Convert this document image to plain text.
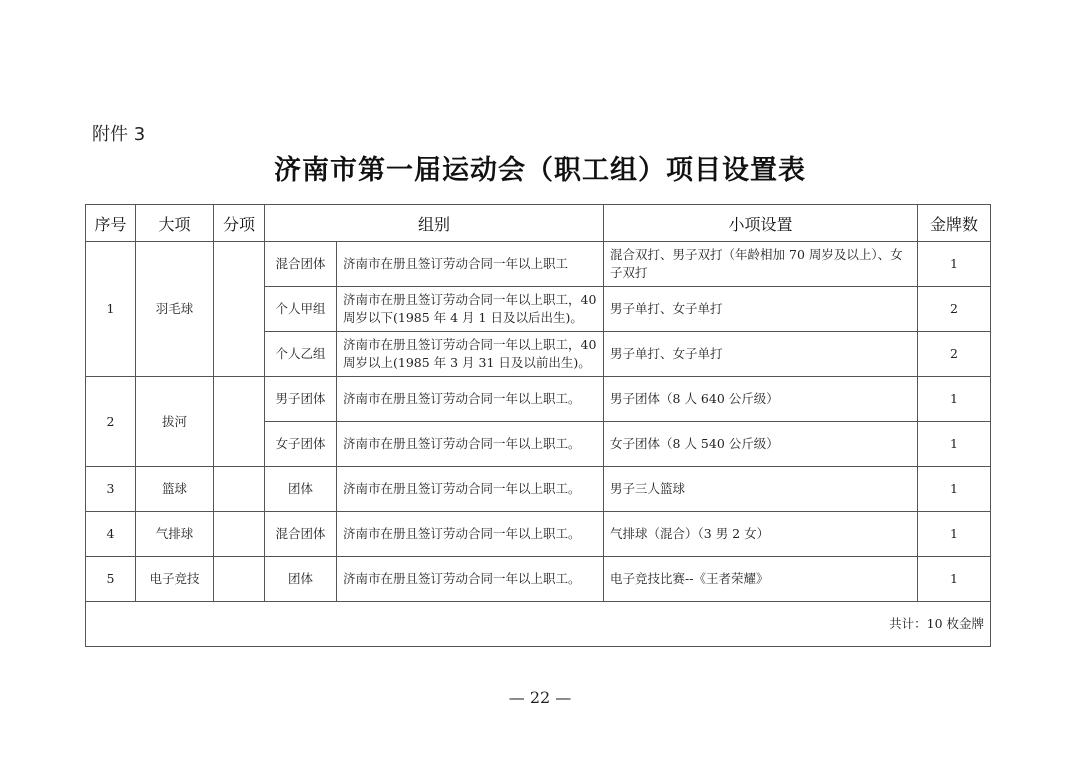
附件 3
济南市第一届运动会（职工组）项目设置表
序号	大项	分项	组别		小项设置	金牌数
1	羽毛球		混合团体	济南市在册且签订劳动合同一年以上职工	混合双打、男子双打（年龄相加 70 周岁及以上）、女子双打	1
			个人甲组	济南市在册且签订劳动合同一年以上职工，40 周岁以下(1985 年 4 月 1 日及以后出生)。	男子单打、女子单打	2
			个人乙组	济南市在册且签订劳动合同一年以上职工，40 周岁以上(1985 年 3 月 31 日及以前出生)。	男子单打、女子单打	2
2	拔河		男子团体	济南市在册且签订劳动合同一年以上职工。	男子团体（8 人 640 公斤级）	1
			女子团体	济南市在册且签订劳动合同一年以上职工。	女子团体（8 人 540 公斤级）	1
3	篮球		团体	济南市在册且签订劳动合同一年以上职工。	男子三人篮球	1
4	气排球		混合团体	济南市在册且签订劳动合同一年以上职工。	气排球（混合）（3 男 2 女）	1
5	电子竞技		团体	济南市在册且签订劳动合同一年以上职工。	电子竞技比赛--《王者荣耀》	1
共计：10 枚金牌						
— 22 —
